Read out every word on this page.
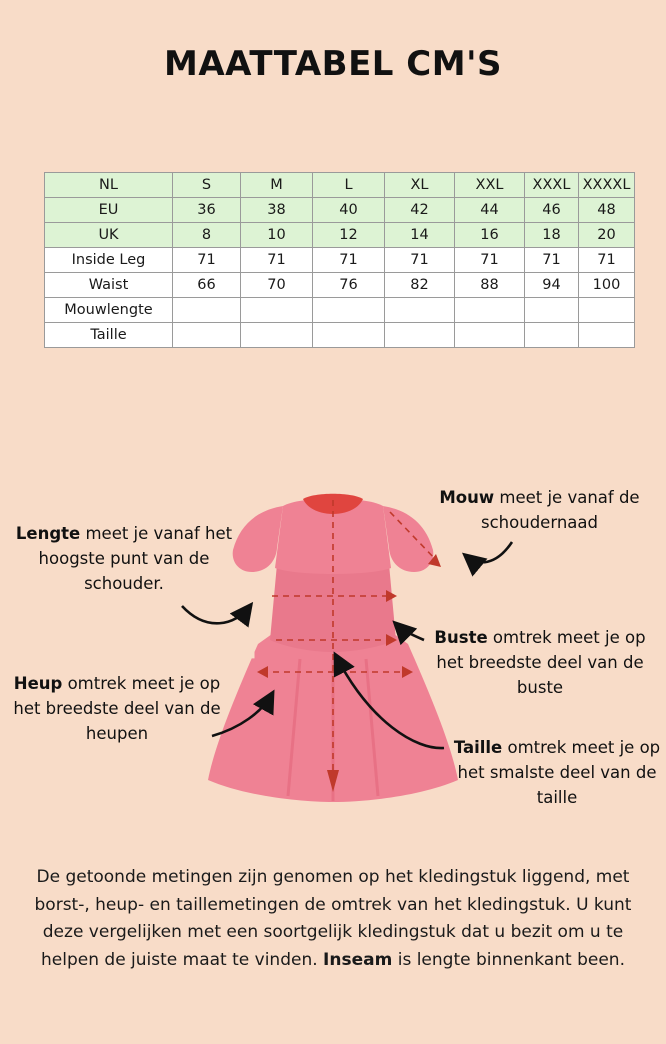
MAATTABEL CM'S
NL	S	M	L	XL	XXL	XXXL	XXXXL
EU	36	38	40	42	44	46	48
UK	8	10	12	14	16	18	20
Inside Leg	71	71	71	71	71	71	71
Waist	66	70	76	82	88	94	100
Mouwlengte							
Taille							
Lengte meet je vanaf het hoogste punt van de schouder.
Mouw meet je vanaf de schoudernaad
Buste omtrek meet je op het breedste deel van de buste
Heup omtrek meet je op het breedste deel van de heupen
Taille omtrek meet je op het smalste deel van de taille
De getoonde metingen zijn genomen op het kledingstuk liggend, met borst-, heup- en taillemetingen de omtrek van het kledingstuk. U kunt deze vergelijken met een soortgelijk kledingstuk dat u bezit om u te helpen de juiste maat te vinden. Inseam is lengte binnenkant been.
